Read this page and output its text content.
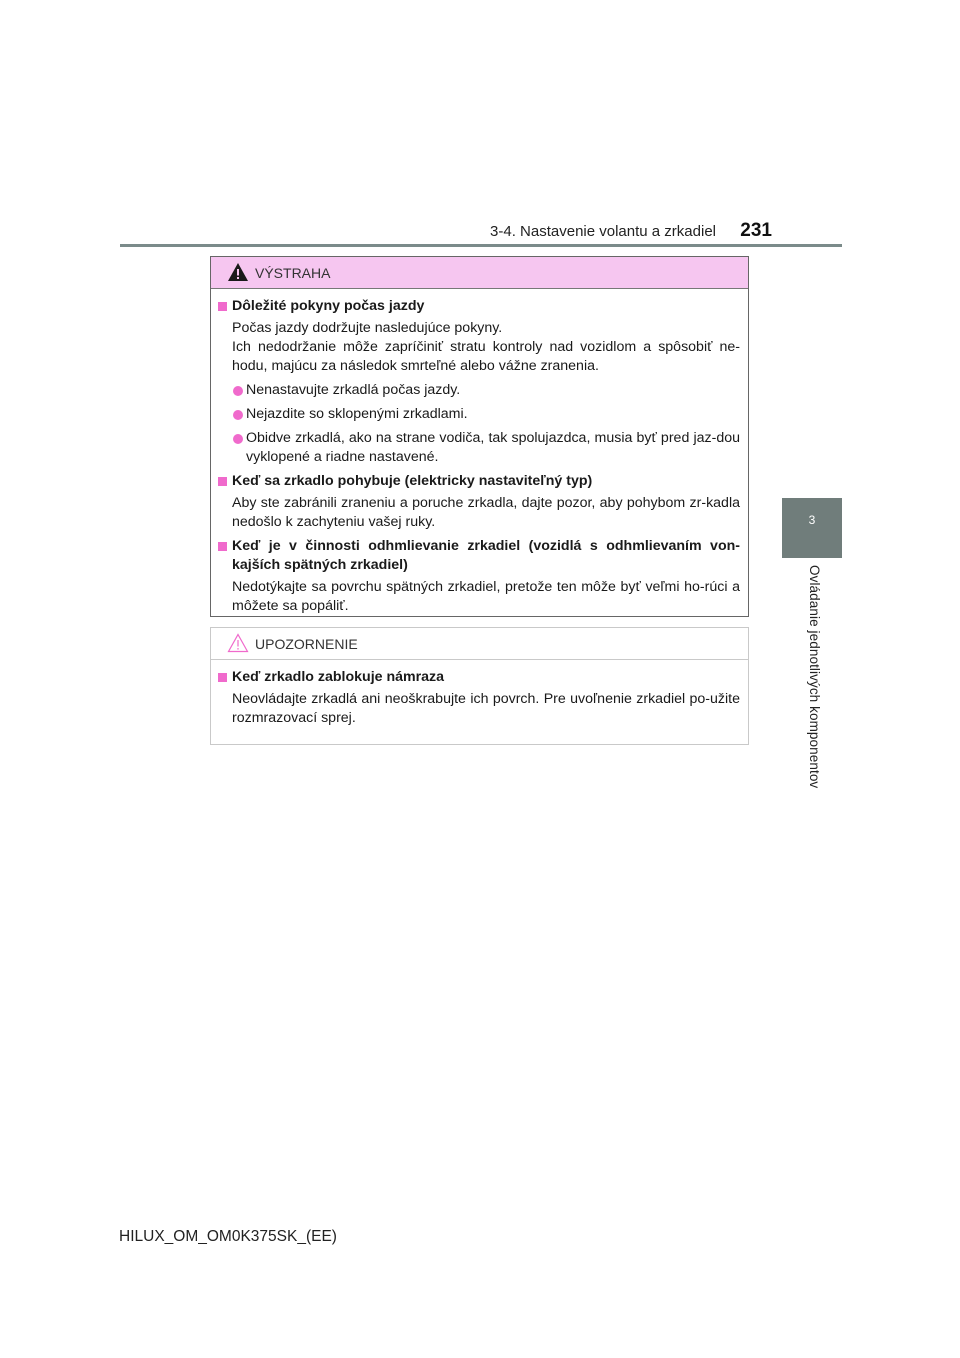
3-4. Nastavenie volantu a zrkadiel 231
3
Ovládanie jednotlivých komponentov
VÝSTRAHA
Dôležité pokyny počas jazdy
Počas jazdy dodržujte nasledujúce pokyny.
Ich nedodržanie môže zapríčiniť stratu kontroly nad vozidlom a spôsobiť ne-hodu, majúcu za následok smrteľné alebo vážne zranenia.
Nenastavujte zrkadlá počas jazdy.
Nejazdite so sklopenými zrkadlami.
Obidve zrkadlá, ako na strane vodiča, tak spolujazdca, musia byť pred jaz-dou vyklopené a riadne nastavené.
Keď sa zrkadlo pohybuje (elektricky nastaviteľný typ)
Aby ste zabránili zraneniu a poruche zrkadla, dajte pozor, aby pohybom zr-kadla nedošlo k zachyteniu vašej ruky.
Keď je v činnosti odhmlievanie zrkadiel (vozidlá s odhmlievaním von-kajších spätných zrkadiel)
Nedotýkajte sa povrchu spätných zrkadiel, pretože ten môže byť veľmi ho-rúci a môžete sa popáliť.
UPOZORNENIE
Keď zrkadlo zablokuje námraza
Neovládajte zrkadlá ani neoškrabujte ich povrch. Pre uvoľnenie zrkadiel po-užite rozmrazovací sprej.
HILUX_OM_OM0K375SK_(EE)
